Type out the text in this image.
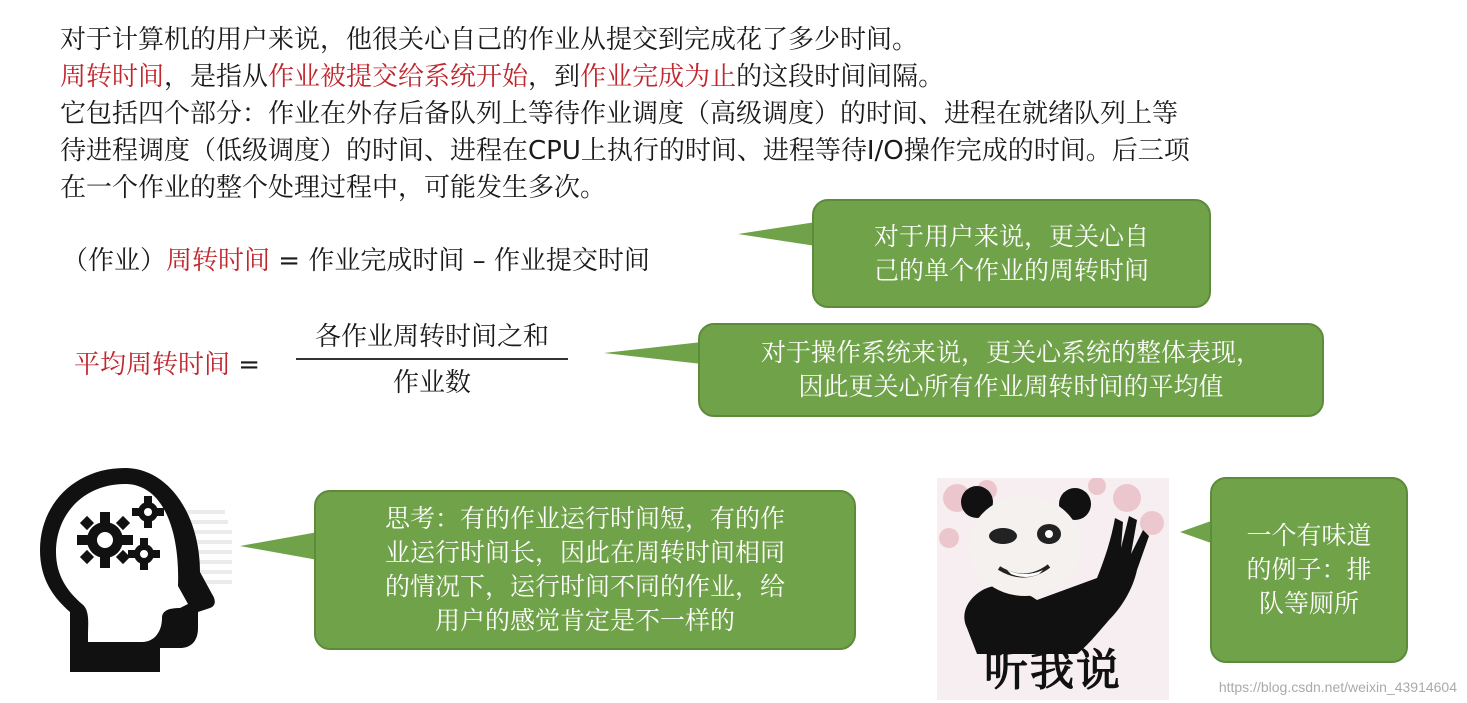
对于计算机的用户来说，他很关心自己的作业从提交到完成花了多少时间。

周转时间，是指从作业被提交给系统开始，到作业完成为止的这段时间间隔。

它包括四个部分：作业在外存后备队列上等待作业调度（高级调度）的时间、进程在就绪队列上等

待进程调度（低级调度）的时间、进程在CPU上执行的时间、进程等待I/O操作完成的时间。后三项

在一个作业的整个处理过程中，可能发生多次。

（作业）周转时间 = 作业完成时间 – 作业提交时间
对于用户来说，更关心自
己的单个作业的周转时间
平均周转时间 =
各作业周转时间之和
作业数
对于操作系统来说，更关心系统的整体表现，
因此更关心所有作业周转时间的平均值
思考：有的作业运行时间短，有的作
业运行时间长，因此在周转时间相同
的情况下，运行时间不同的作业，给
用户的感觉肯定是不一样的
听我说
一个有味道
的例子：排
队等厕所
https://blog.csdn.net/weixin_43914604
